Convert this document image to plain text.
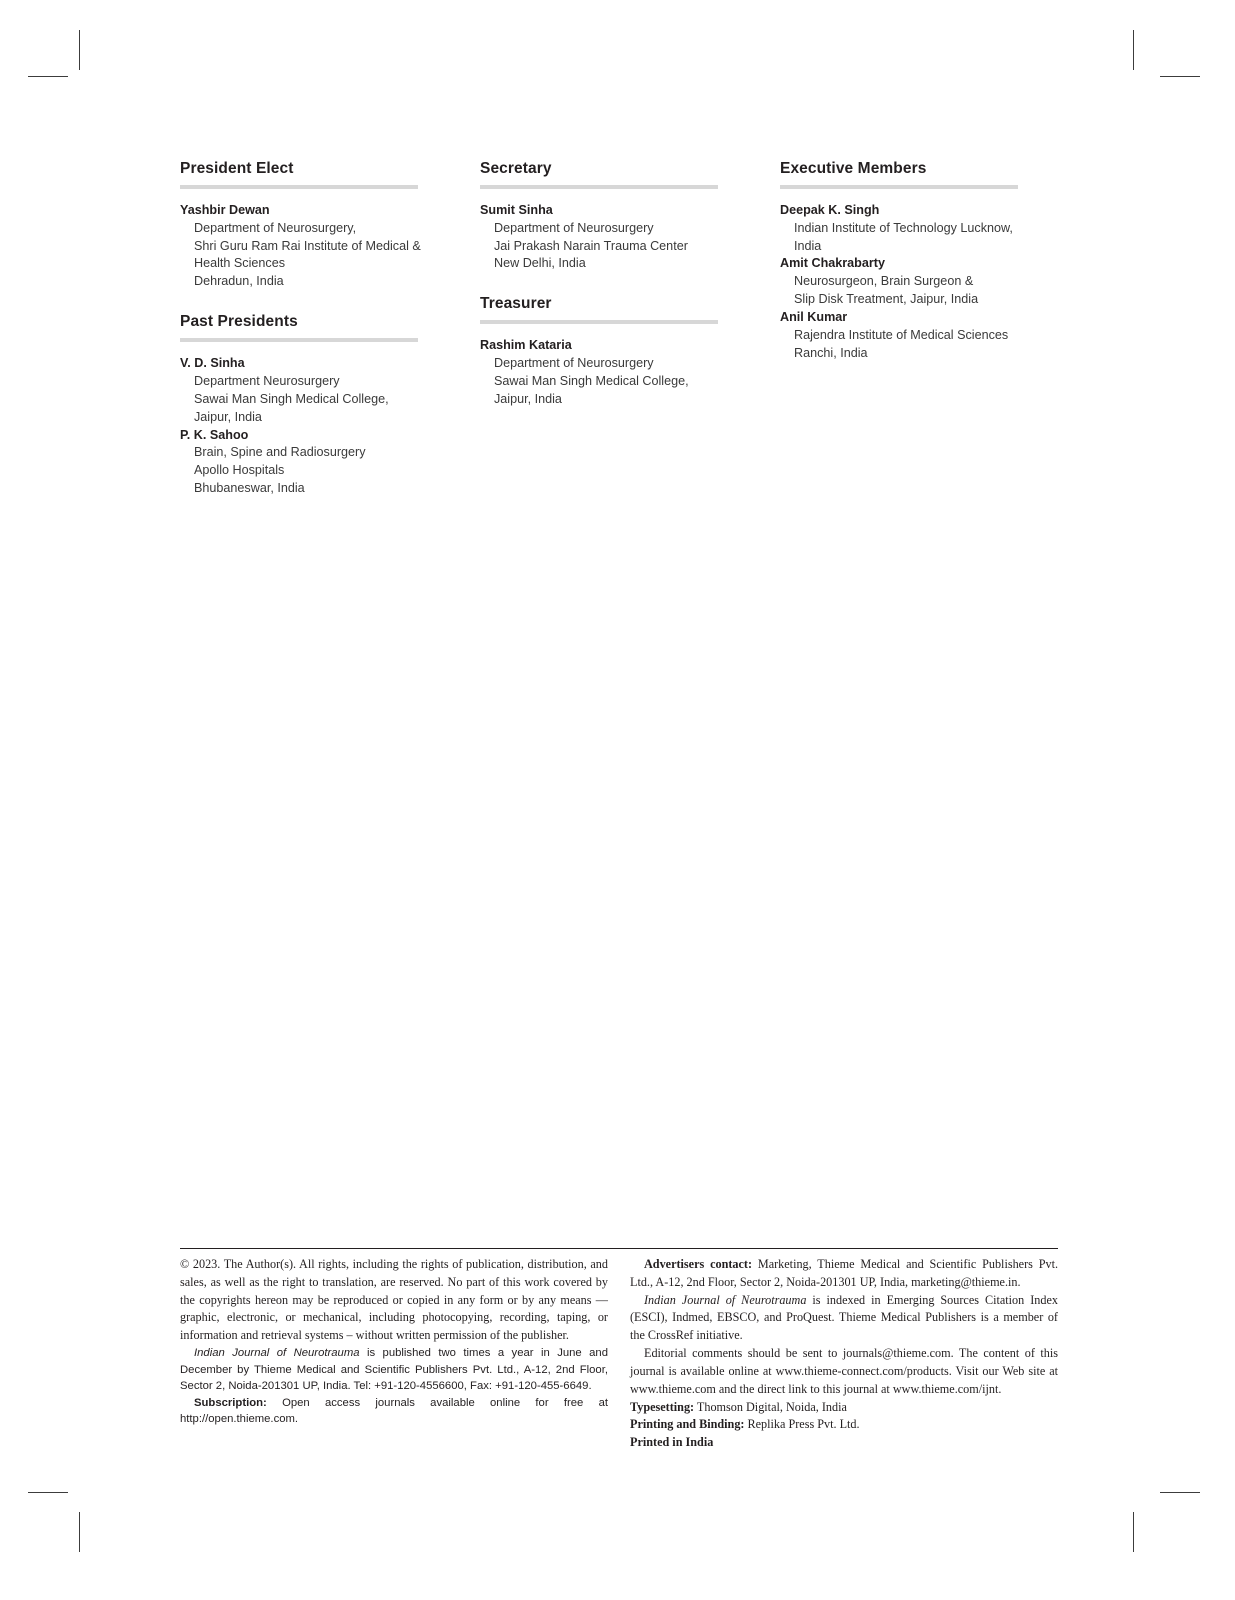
President Elect
Yashbir Dewan
Department of Neurosurgery,
Shri Guru Ram Rai Institute of Medical &
Health Sciences
Dehradun, India
Past Presidents
V. D. Sinha
Department Neurosurgery
Sawai Man Singh Medical College,
Jaipur, India
P. K. Sahoo
Brain, Spine and Radiosurgery
Apollo Hospitals
Bhubaneswar, India
Secretary
Sumit Sinha
Department of Neurosurgery
Jai Prakash Narain Trauma Center
New Delhi, India
Treasurer
Rashim Kataria
Department of Neurosurgery
Sawai Man Singh Medical College,
Jaipur, India
Executive Members
Deepak K. Singh
Indian Institute of Technology Lucknow,
India
Amit Chakrabarty
Neurosurgeon, Brain Surgeon &
Slip Disk Treatment, Jaipur, India
Anil Kumar
Rajendra Institute of Medical Sciences
Ranchi, India

© 2023. The Author(s). All rights, including the rights of publication, distribution, and sales, as well as the right to translation, are reserved. No part of this work covered by the copyrights hereon may be reproduced or copied in any form or by any means — graphic, electronic, or mechanical, including photocopying, recording, taping, or information and retrieval systems – without written permission of the publisher.

Indian Journal of Neurotrauma is published two times a year in June and December by Thieme Medical and Scientific Publishers Pvt. Ltd., A-12, 2nd Floor, Sector 2, Noida-201301 UP, India. Tel: +91-120-4556600, Fax: +91-120-455-6649.

Subscription: Open access journals available online for free at http://open.thieme.com.

Advertisers contact: Marketing, Thieme Medical and Scientific Publishers Pvt. Ltd., A-12, 2nd Floor, Sector 2, Noida-201301 UP, India, marketing@thieme.in.

Indian Journal of Neurotrauma is indexed in Emerging Sources Citation Index (ESCI), Indmed, EBSCO, and ProQuest. Thieme Medical Publishers is a member of the CrossRef initiative.

Editorial comments should be sent to journals@thieme.com. The content of this journal is available online at www.thieme-connect.com/products. Visit our Web site at www.thieme.com and the direct link to this journal at www.thieme.com/ijnt.

Typesetting: Thomson Digital, Noida, India

Printing and Binding: Replika Press Pvt. Ltd.

Printed in India
